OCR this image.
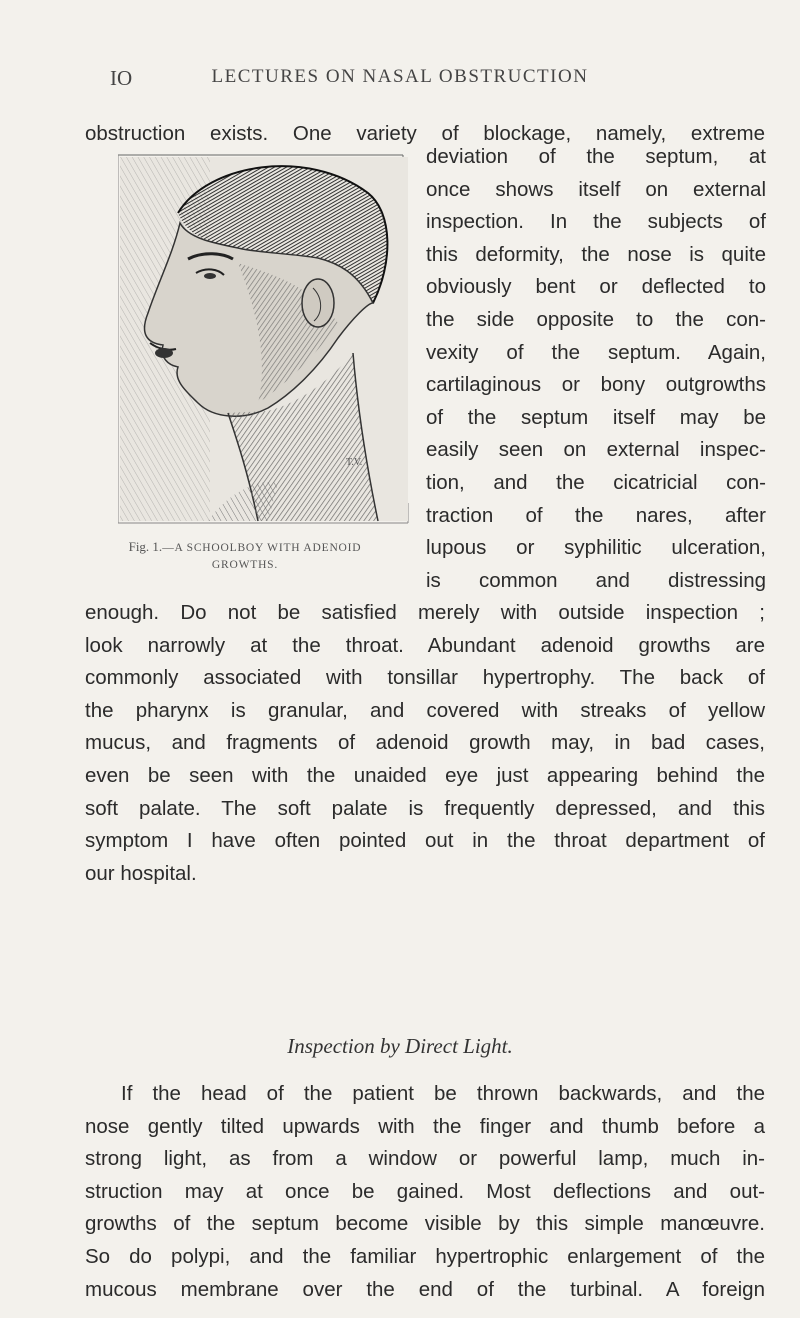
IO	LECTURES ON NASAL OBSTRUCTION
obstruction exists. One variety of blockage, namely, extreme
T.V.
Fig. 1.—A SCHOOLBOY WITH ADENOID
GROWTHS.
deviation of the septum, at
once shows itself on external
inspection. In the subjects of
this deformity, the nose is quite
obviously bent or deflected to
the side opposite to the con-
vexity of the septum. Again,
cartilaginous or bony outgrowths
of the septum itself may be
easily seen on external inspec-
tion, and the cicatricial con-
traction of the nares, after
lupous or syphilitic ulceration,
is common and distressing
enough. Do not be satisfied merely with outside inspection ;
look narrowly at the throat. Abundant adenoid growths are
commonly associated with tonsillar hypertrophy. The back of
the pharynx is granular, and covered with streaks of yellow
mucus, and fragments of adenoid growth may, in bad cases,
even be seen with the unaided eye just appearing behind the
soft palate. The soft palate is frequently depressed, and this
symptom I have often pointed out in the throat department of
our hospital.
Inspection by Direct Light.
If the head of the patient be thrown backwards, and the
nose gently tilted upwards with the finger and thumb before a
strong light, as from a window or powerful lamp, much in-
struction may at once be gained. Most deflections and out-
growths of the septum become visible by this simple manœuvre.
So do polypi, and the familiar hypertrophic enlargement of the
mucous membrane over the end of the turbinal. A foreign
